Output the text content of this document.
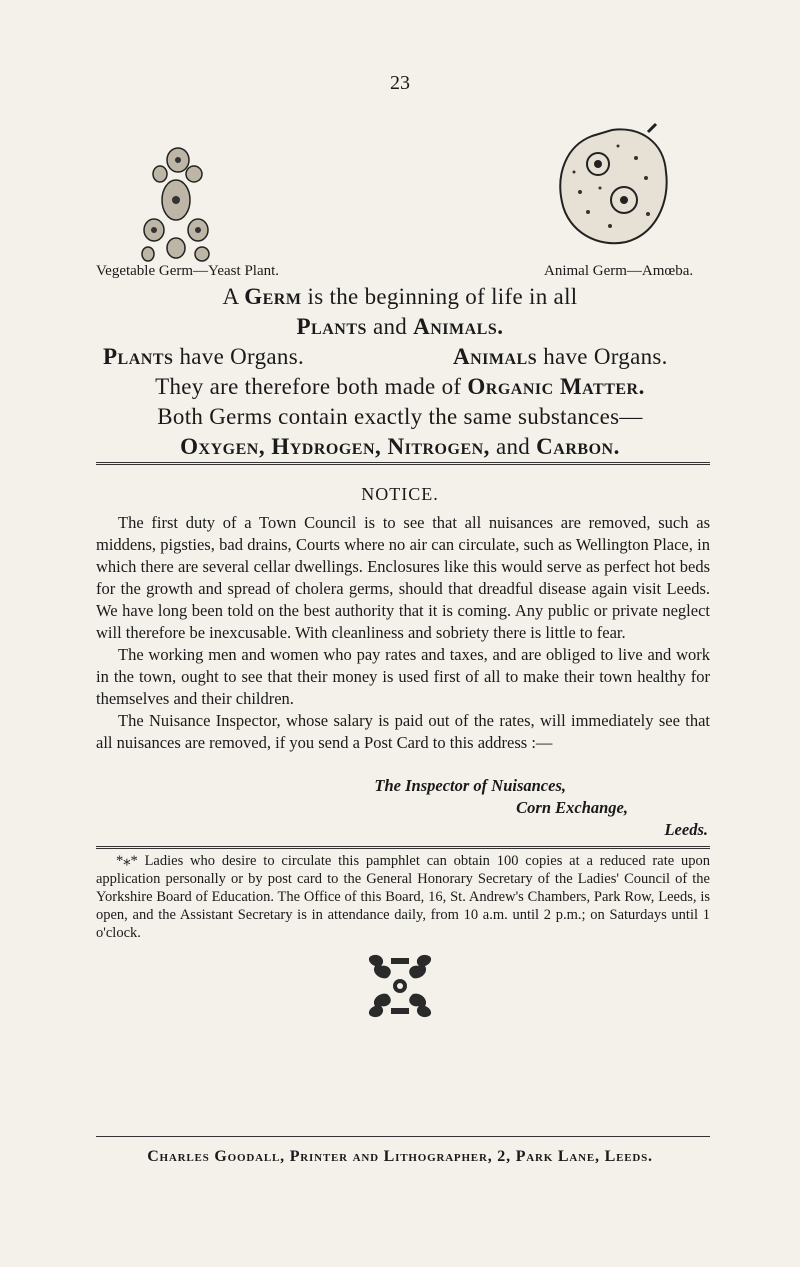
23
Vegetable Germ—Yeast Plant.	Animal Germ—Amœba.
A Germ is the beginning of life in all
Plants and Animals.
Plants have Organs.	Animals have Organs.
They are therefore both made of Organic Matter.
Both Germs contain exactly the same substances—
Oxygen, Hydrogen, Nitrogen, and Carbon.
NOTICE.

The first duty of a Town Council is to see that all nuisances are removed, such as middens, pigsties, bad drains, Courts where no air can circulate, such as Wellington Place, in which there are several cellar dwellings. Enclosures like this would serve as perfect hot beds for the growth and spread of cholera germs, should that dreadful disease again visit Leeds. We have long been told on the best authority that it is coming. Any public or private neglect will therefore be inexcusable. With cleanliness and sobriety there is little to fear.

The working men and women who pay rates and taxes, and are obliged to live and work in the town, ought to see that their money is used first of all to make their town healthy for themselves and their children.

The Nuisance Inspector, whose salary is paid out of the rates, will immediately see that all nuisances are removed, if you send a Post Card to this address :—

The Inspector of Nuisances,
Corn Exchange,
Leeds.

*⁎* Ladies who desire to circulate this pamphlet can obtain 100 copies at a reduced rate upon application personally or by post card to the General Honorary Secretary of the Ladies' Council of the Yorkshire Board of Education. The Office of this Board, 16, St. Andrew's Chambers, Park Row, Leeds, is open, and the Assistant Secretary is in attendance daily, from 10 a.m. until 2 p.m.; on Saturdays until 1 o'clock.

Charles Goodall, Printer and Lithographer, 2, Park Lane, Leeds.
